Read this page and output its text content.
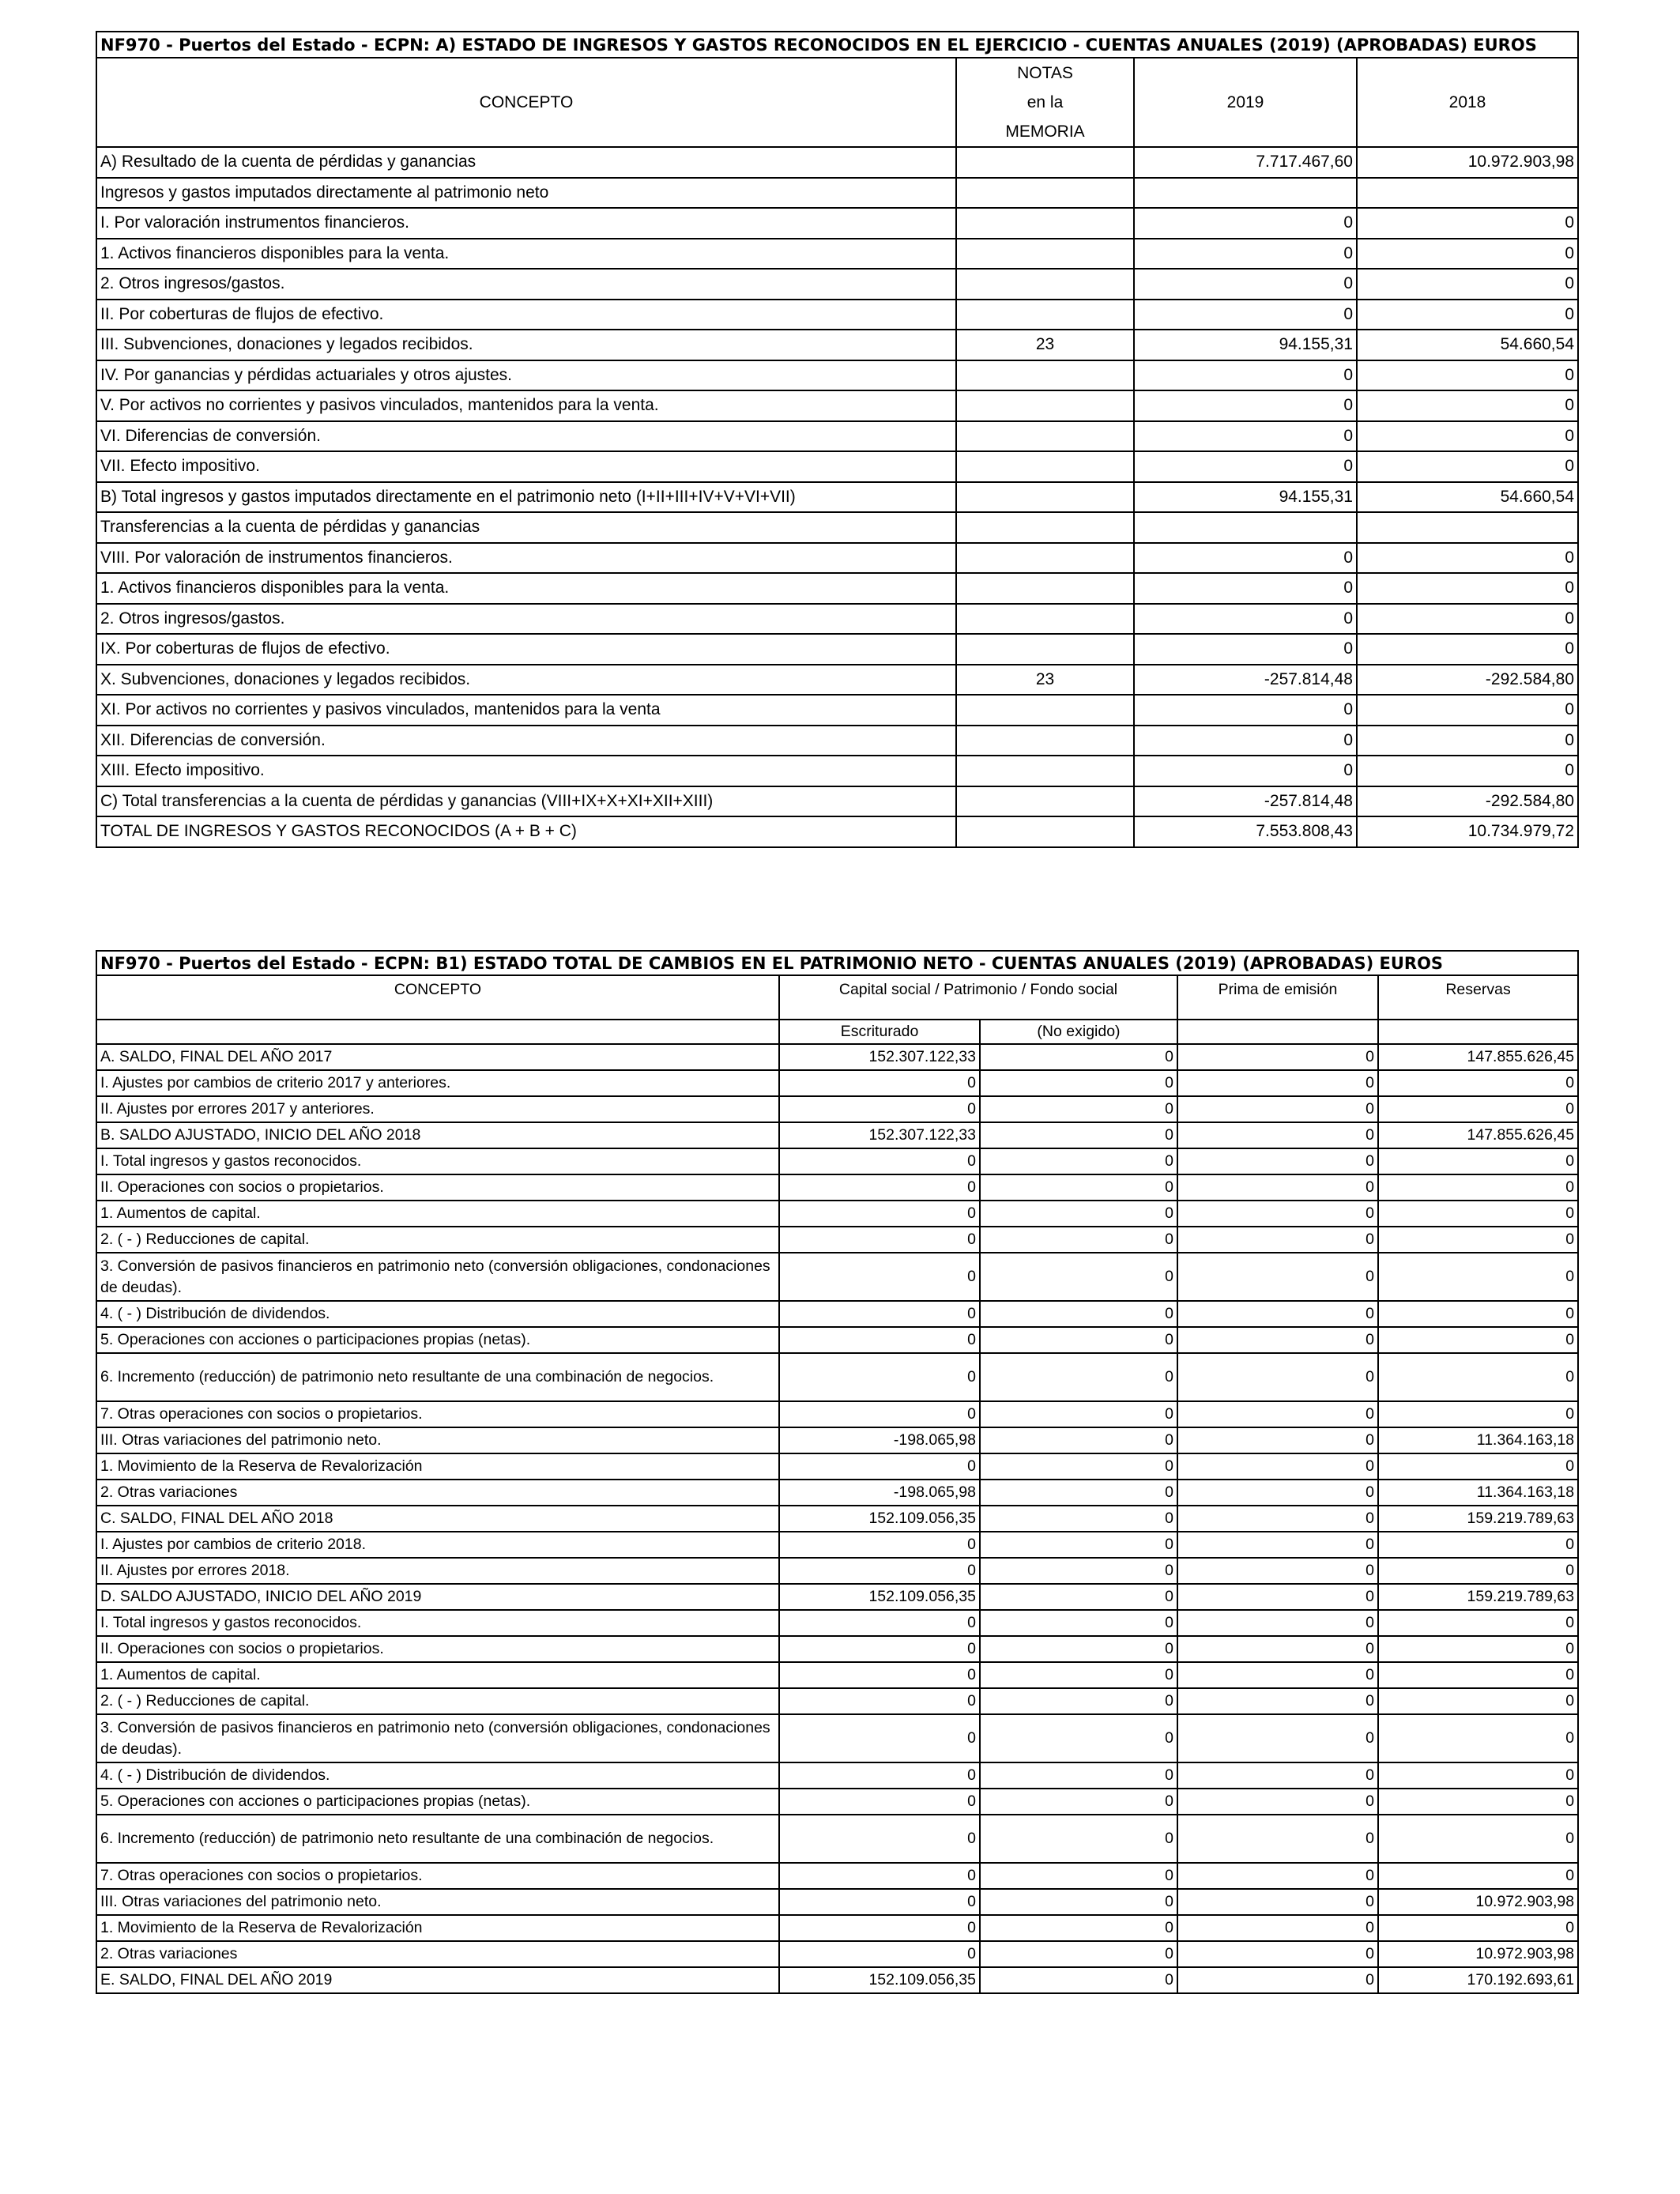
NF970 - Puertos del Estado - ECPN: A) ESTADO DE INGRESOS Y GASTOS RECONOCIDOS EN EL EJERCICIO - CUENTAS ANUALES (2019) (APROBADAS) EUROS			
CONCEPTO	NOTAS
en la
MEMORIA	2019	2018
A) Resultado de la cuenta de pérdidas y ganancias		7.717.467,60	10.972.903,98
Ingresos y gastos imputados directamente al patrimonio neto			
I. Por valoración instrumentos financieros.		0	0
1. Activos financieros disponibles para la venta.		0	0
2. Otros ingresos/gastos.		0	0
II. Por coberturas de flujos de efectivo.		0	0
III. Subvenciones, donaciones y legados recibidos.	23	94.155,31	54.660,54
IV. Por ganancias y pérdidas actuariales y otros ajustes.		0	0
V. Por activos no corrientes y pasivos vinculados, mantenidos para la venta.		0	0
VI. Diferencias de conversión.		0	0
VII. Efecto impositivo.		0	0
B) Total ingresos y gastos imputados directamente en el patrimonio neto (I+II+III+IV+V+VI+VII)		94.155,31	54.660,54
Transferencias a la cuenta de pérdidas y ganancias			
VIII. Por valoración de instrumentos financieros.		0	0
1. Activos financieros disponibles para la venta.		0	0
2. Otros ingresos/gastos.		0	0
IX. Por coberturas de flujos de efectivo.		0	0
X. Subvenciones, donaciones y legados recibidos.	23	-257.814,48	-292.584,80
XI. Por activos no corrientes y pasivos vinculados, mantenidos para la venta		0	0
XII. Diferencias de conversión.		0	0
XIII. Efecto impositivo.		0	0
C) Total transferencias a la cuenta de pérdidas y ganancias (VIII+IX+X+XI+XII+XIII)		-257.814,48	-292.584,80
TOTAL DE INGRESOS Y GASTOS RECONOCIDOS (A + B + C)		7.553.808,43	10.734.979,72
NF970 - Puertos del Estado - ECPN: B1) ESTADO TOTAL DE CAMBIOS EN EL PATRIMONIO NETO - CUENTAS ANUALES (2019) (APROBADAS) EUROS				
CONCEPTO	Capital social / Patrimonio / Fondo social		Prima de emisión	Reservas
	Escriturado	(No exigido)		
A. SALDO, FINAL DEL AÑO 2017	152.307.122,33	0	0	147.855.626,45
I. Ajustes por cambios de criterio 2017 y anteriores.	0	0	0	0
II. Ajustes por errores 2017 y anteriores.	0	0	0	0
B. SALDO AJUSTADO, INICIO DEL AÑO 2018	152.307.122,33	0	0	147.855.626,45
I. Total ingresos y gastos reconocidos.	0	0	0	0
II. Operaciones con socios o propietarios.	0	0	0	0
1. Aumentos de capital.	0	0	0	0
2. ( - ) Reducciones de capital.	0	0	0	0
3. Conversión de pasivos financieros en patrimonio neto (conversión obligaciones, condonaciones de deudas).	0	0	0	0
4. ( - ) Distribución de dividendos.	0	0	0	0
5. Operaciones con acciones o participaciones propias (netas).	0	0	0	0
6. Incremento (reducción) de patrimonio neto resultante de una combinación de negocios.	0	0	0	0
7. Otras operaciones con socios o propietarios.	0	0	0	0
III. Otras variaciones del patrimonio neto.	-198.065,98	0	0	11.364.163,18
1. Movimiento de la Reserva de Revalorización	0	0	0	0
2. Otras variaciones	-198.065,98	0	0	11.364.163,18
C. SALDO, FINAL DEL AÑO 2018	152.109.056,35	0	0	159.219.789,63
I. Ajustes por cambios de criterio 2018.	0	0	0	0
II. Ajustes por errores 2018.	0	0	0	0
D. SALDO AJUSTADO, INICIO DEL AÑO 2019	152.109.056,35	0	0	159.219.789,63
I. Total ingresos y gastos reconocidos.	0	0	0	0
II. Operaciones con socios o propietarios.	0	0	0	0
1. Aumentos de capital.	0	0	0	0
2. ( - ) Reducciones de capital.	0	0	0	0
3. Conversión de pasivos financieros en patrimonio neto (conversión obligaciones, condonaciones de deudas).	0	0	0	0
4. ( - ) Distribución de dividendos.	0	0	0	0
5. Operaciones con acciones o participaciones propias (netas).	0	0	0	0
6. Incremento (reducción) de patrimonio neto resultante de una combinación de negocios.	0	0	0	0
7. Otras operaciones con socios o propietarios.	0	0	0	0
III. Otras variaciones del patrimonio neto.	0	0	0	10.972.903,98
1. Movimiento de la Reserva de Revalorización	0	0	0	0
2. Otras variaciones	0	0	0	10.972.903,98
E. SALDO, FINAL DEL AÑO 2019	152.109.056,35	0	0	170.192.693,61
